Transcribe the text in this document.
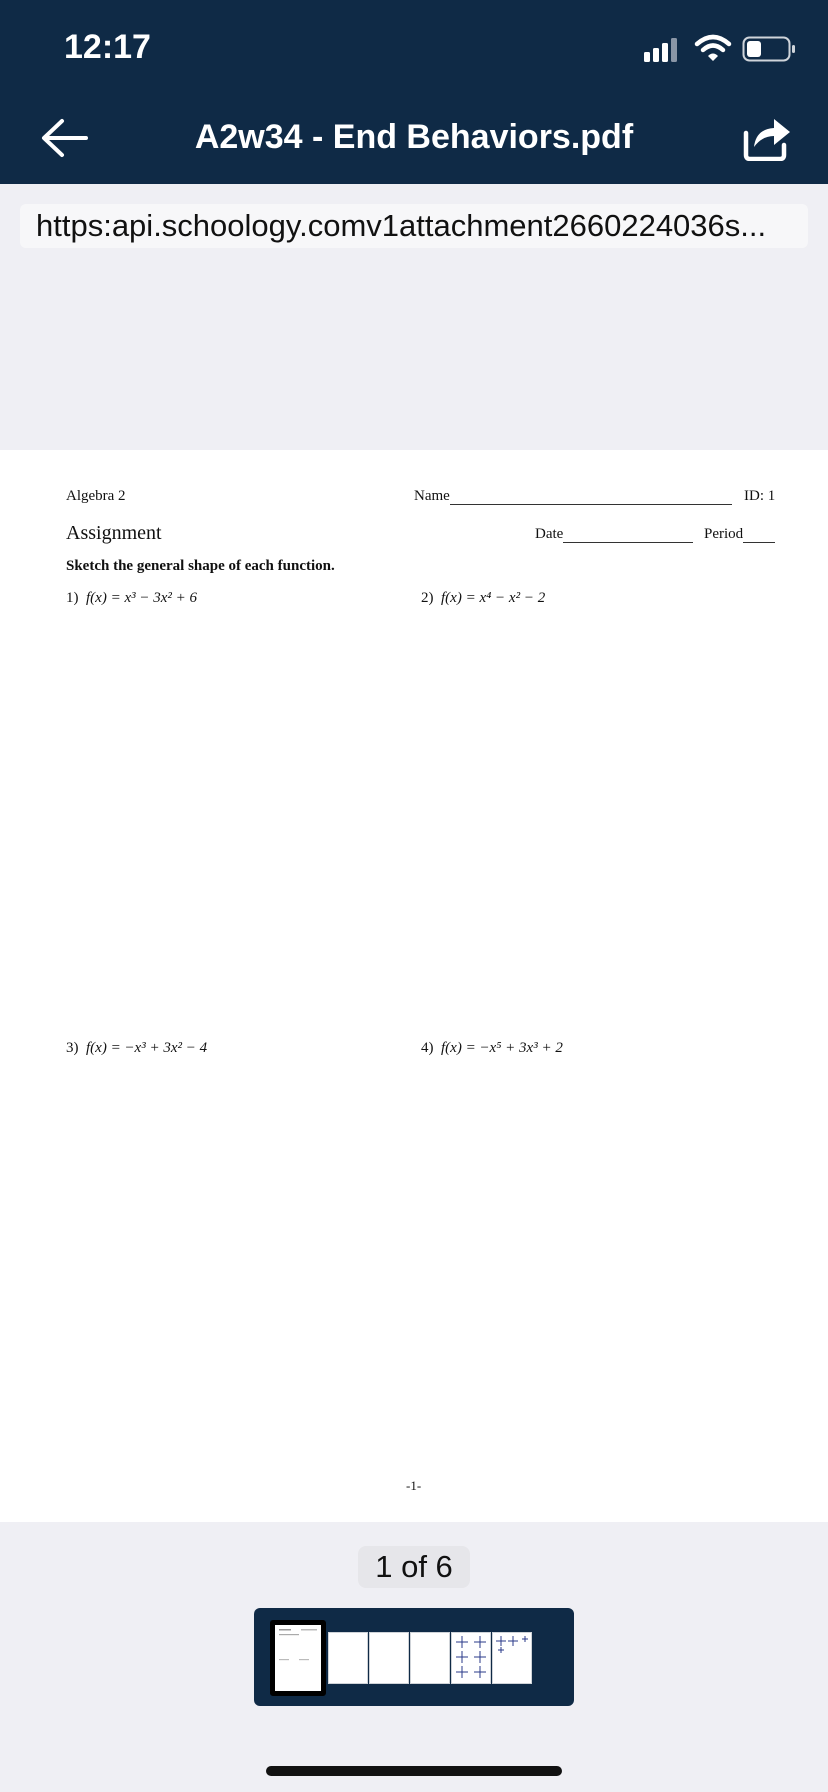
12:17
A2w34 - End Behaviors.pdf
https:api.schoology.comv1attachment2660224036s...
Algebra 2	Name	ID: 1
Assignment	Date	Period
Sketch the general shape of each function.
1) f(x) = x³ − 3x² + 6	2) f(x) = x⁴ − x² − 2
3) f(x) = −x³ + 3x² − 4	4) f(x) = −x⁵ + 3x³ + 2
-1-
1 of 6
